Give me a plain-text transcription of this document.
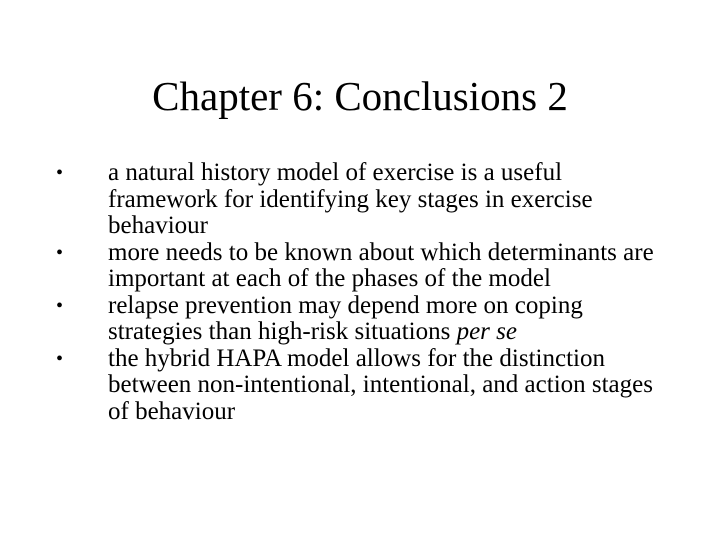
Chapter 6: Conclusions 2
• a natural history model of exercise is a useful framework for identifying key stages in exercise behaviour
• more needs to be known about which determinants are important at each of the phases of the model
• relapse prevention may depend more on coping strategies than high-risk situations per se
• the hybrid HAPA model allows for the distinction between non-intentional, intentional, and action stages of behaviour
